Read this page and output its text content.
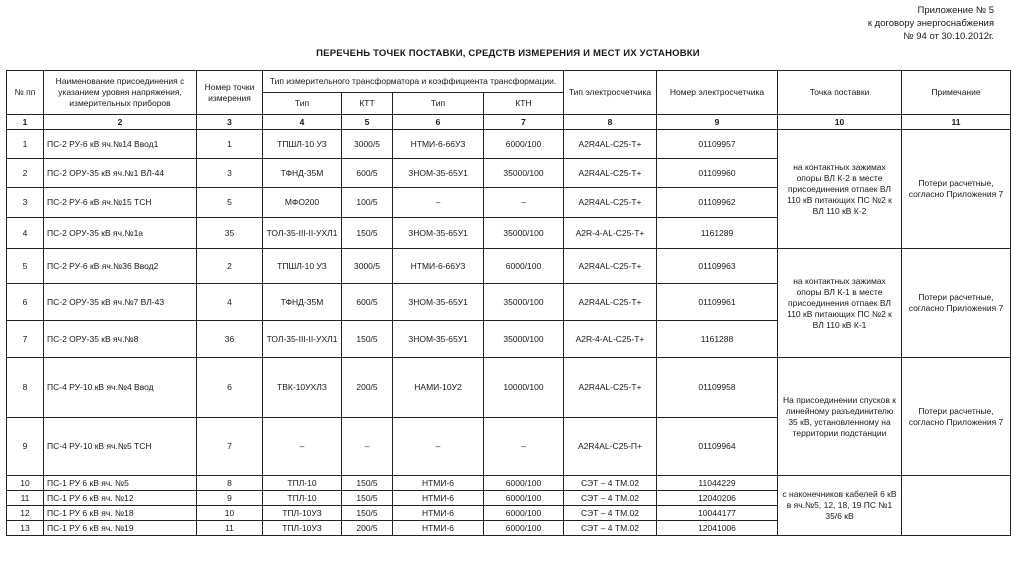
Приложение № 5
к договору энергоснабжения
№ 94 от 30.10.2012г.
ПЕРЕЧЕНЬ ТОЧЕК ПОСТАВКИ, СРЕДСТВ ИЗМЕРЕНИЯ И МЕСТ ИХ УСТАНОВКИ
№ пп	Наименование присоединения с указанием уровня напряжения, измерительных приборов	Номер точки измерения	Тип измерительного трансформатора и коэффициента трансформации.				Тип электросчетчика	Номер электросчетчика	Точка поставки	Примечание
			Тип	КТТ	Тип	КТН				
1	2	3	4	5	6	7	8	9	10	11
1	ПС-2 РУ-6 кВ яч.№14 Ввод1	1	ТПШЛ-10 УЗ	3000/5	НТМИ-6-66УЗ	6000/100	А2R4AL-C25-T+	01109957	на контактных зажимах опоры ВЛ К-2 в месте присоединения отпаек ВЛ 110 кВ питающих ПС №2 к ВЛ 110 кВ К-2	Потери расчетные, согласно Приложения 7
2	ПС-2 ОРУ-35 кВ яч.№1 ВЛ-44	3	ТФНД-35М	600/5	ЗНОМ-35-65У1	35000/100	А2R4AL-C25-T+	01109960		
3	ПС-2 РУ-6 кВ яч.№15 ТСН	5	МФО200	100/5	–	–	А2R4AL-C25-T+	01109962		
4	ПС-2 ОРУ-35 кВ яч.№1а	35	ТОЛ-35-III-II-УХЛ1	150/5	ЗНОМ-35-65У1	35000/100	А2R-4-AL-C25-T+	1161289		
5	ПС-2 РУ-6 кВ яч.№36 Ввод2	2	ТПШЛ-10 УЗ	3000/5	НТМИ-6-66УЗ	6000/100	А2R4AL-C25-T+	01109963	на контактных зажимах опоры ВЛ К-1 в месте присоединения отпаек ВЛ 110 кВ питающих ПС №2 к ВЛ 110 кВ К-1	Потери расчетные, согласно Приложения 7
6	ПС-2 ОРУ-35 кВ яч.№7 ВЛ-43	4	ТФНД-35М	600/5	ЗНОМ-35-65У1	35000/100	А2R4AL-C25-T+	01109961		
7	ПС-2 ОРУ-35 кВ яч.№8	36	ТОЛ-35-III-II-УХЛ1	150/5	ЗНОМ-35-65У1	35000/100	А2R-4-AL-C25-T+	1161288		
8	ПС-4 РУ-10 кВ яч.№4 Ввод	6	ТВК-10УХЛЗ	200/5	НАМИ-10У2	10000/100	А2R4AL-C25-T+	01109958	На присоединении спусков к линейному разъединителю 35 кВ, установленному на территории подстанции	Потери расчетные, согласно Приложения 7
9	ПС-4 РУ-10 кВ яч.№5 ТСН	7	–	–	–	–	А2R4AL-C25-П+	01109964		
10	ПС-1 РУ 6 кВ яч. №5	8	ТПЛ-10	150/5	НТМИ-6	6000/100	СЭТ – 4 ТМ.02	11044229	с наконечников кабелей 6 кВ в яч.№5, 12, 18, 19 ПС №1 35/6 кВ	
11	ПС-1 РУ 6 кВ яч. №12	9	ТПЛ-10	150/5	НТМИ-6	6000/100	СЭТ – 4 ТМ.02	12040206		
12	ПС-1 РУ 6 кВ яч. №18	10	ТПЛ-10УЗ	150/5	НТМИ-6	6000/100	СЭТ – 4 ТМ.02	10044177		
13	ПС-1 РУ 6 кВ яч. №19	11	ТПЛ-10УЗ	200/5	НТМИ-6	6000/100	СЭТ – 4 ТМ.02	12041006		
